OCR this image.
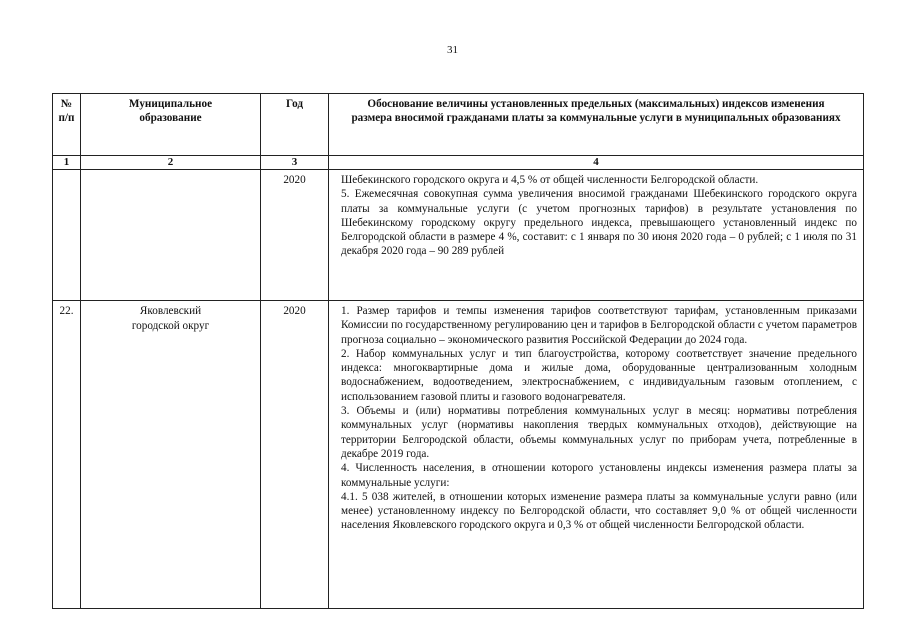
31
№
п/п	Муниципальное образование	Год	Обоснование величины установленных предельных (максимальных) индексов изменения размера вносимой гражданами платы за коммунальные услуги в муниципальных образованиях
1	2	3	4
		2020	Шебекинского городского округа и 4,5 % от общей численности Белгородской области.

5. Ежемесячная совокупная сумма увеличения вносимой гражданами Шебекинского городского округа платы за коммунальные услуги (с учетом прогнозных тарифов) в результате установления по Шебекинскому городскому округу предельного индекса, превышающего установленный индекс по Белгородской области в размере 4 %, составит: с 1 января по 30 июня 2020 года – 0 рублей; с 1 июля по 31 декабря 2020 года – 90 289 рублей

22.	Яковлевский городской округ	2020	1. Размер тарифов и темпы изменения тарифов соответствуют тарифам, установленным приказами Комиссии по государственному регулированию цен и тарифов в Белгородской области с учетом параметров прогноза социально – экономического развития Российской Федерации до 2024 года.

2. Набор коммунальных услуг и тип благоустройства, которому соответствует значение предельного индекса: многоквартирные дома и жилые дома, оборудованные централизованным холодным водоснабжением, водоотведением, электроснабжением, с индивидуальным газовым отоплением, с использованием газовой плиты и газового водонагревателя.

3. Объемы и (или) нормативы потребления коммунальных услуг в месяц: нормативы потребления коммунальных услуг (нормативы накопления твердых коммунальных отходов), действующие на территории Белгородской области, объемы коммунальных услуг по приборам учета, потребленные в декабре 2019 года.

4. Численность населения, в отношении которого установлены индексы изменения размера платы за коммунальные услуги:

4.1. 5 038 жителей, в отношении которых изменение размера платы за коммунальные услуги равно (или менее) установленному индексу по Белгородской области, что составляет 9,0 % от общей численности населения Яковлевского городского округа и 0,3 % от общей численности Белгородской области.
